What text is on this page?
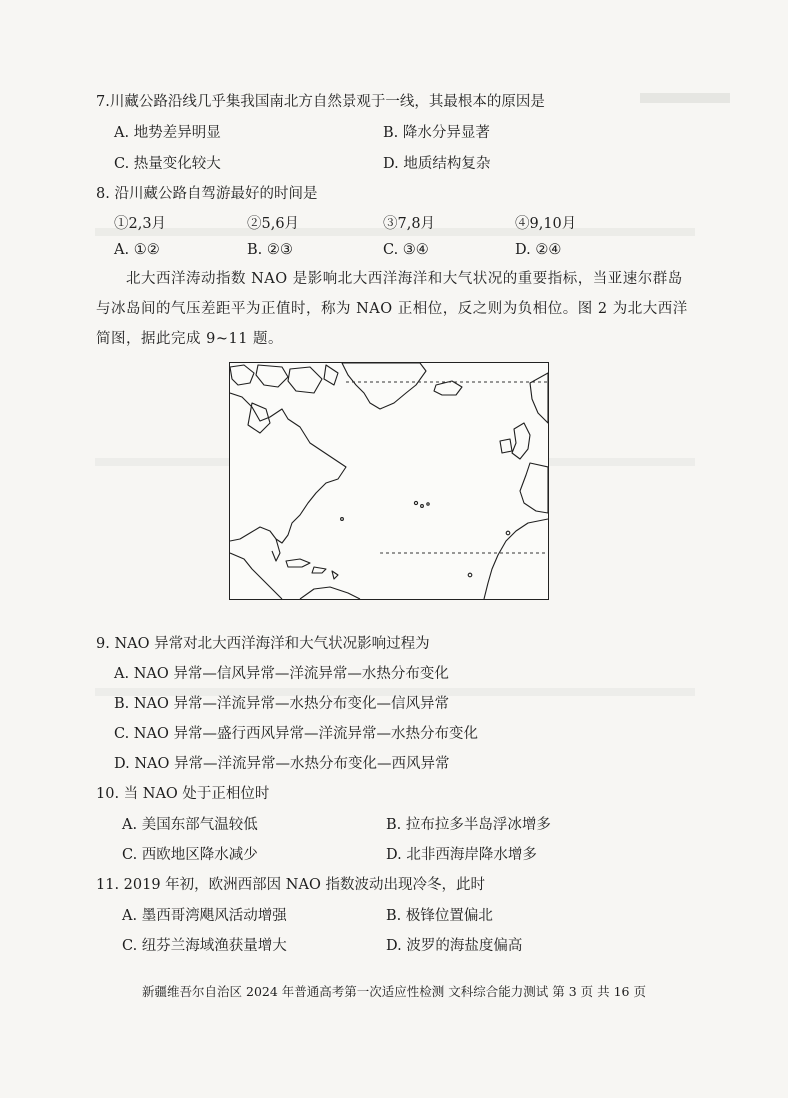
7.川藏公路沿线几乎集我国南北方自然景观于一线，其最根本的原因是
A. 地势差异明显	B. 降水分异显著
C. 热量变化较大	D. 地质结构复杂
8. 沿川藏公路自驾游最好的时间是
①2,3月	②5,6月	③7,8月	④9,10月
A. ①②	B. ②③	C. ③④	D. ②④
北大西洋涛动指数 NAO 是影响北大西洋海洋和大气状况的重要指标，当亚速尔群岛与冰岛间的气压差距平为正值时，称为 NAO 正相位，反之则为负相位。图 2 为北大西洋简图，据此完成 9~11 题。
9. NAO 异常对北大西洋海洋和大气状况影响过程为
A. NAO 异常—信风异常—洋流异常—水热分布变化
B. NAO 异常—洋流异常—水热分布变化—信风异常
C. NAO 异常—盛行西风异常—洋流异常—水热分布变化
D. NAO 异常—洋流异常—水热分布变化—西风异常
10. 当 NAO 处于正相位时
A. 美国东部气温较低	B. 拉布拉多半岛浮冰增多
C. 西欧地区降水减少	D. 北非西海岸降水增多
11. 2019 年初，欧洲西部因 NAO 指数波动出现冷冬，此时
A. 墨西哥湾飓风活动增强	B. 极锋位置偏北
C. 纽芬兰海域渔获量增大	D. 波罗的海盐度偏高
新疆维吾尔自治区 2024 年普通高考第一次适应性检测 文科综合能力测试 第 3 页 共 16 页
